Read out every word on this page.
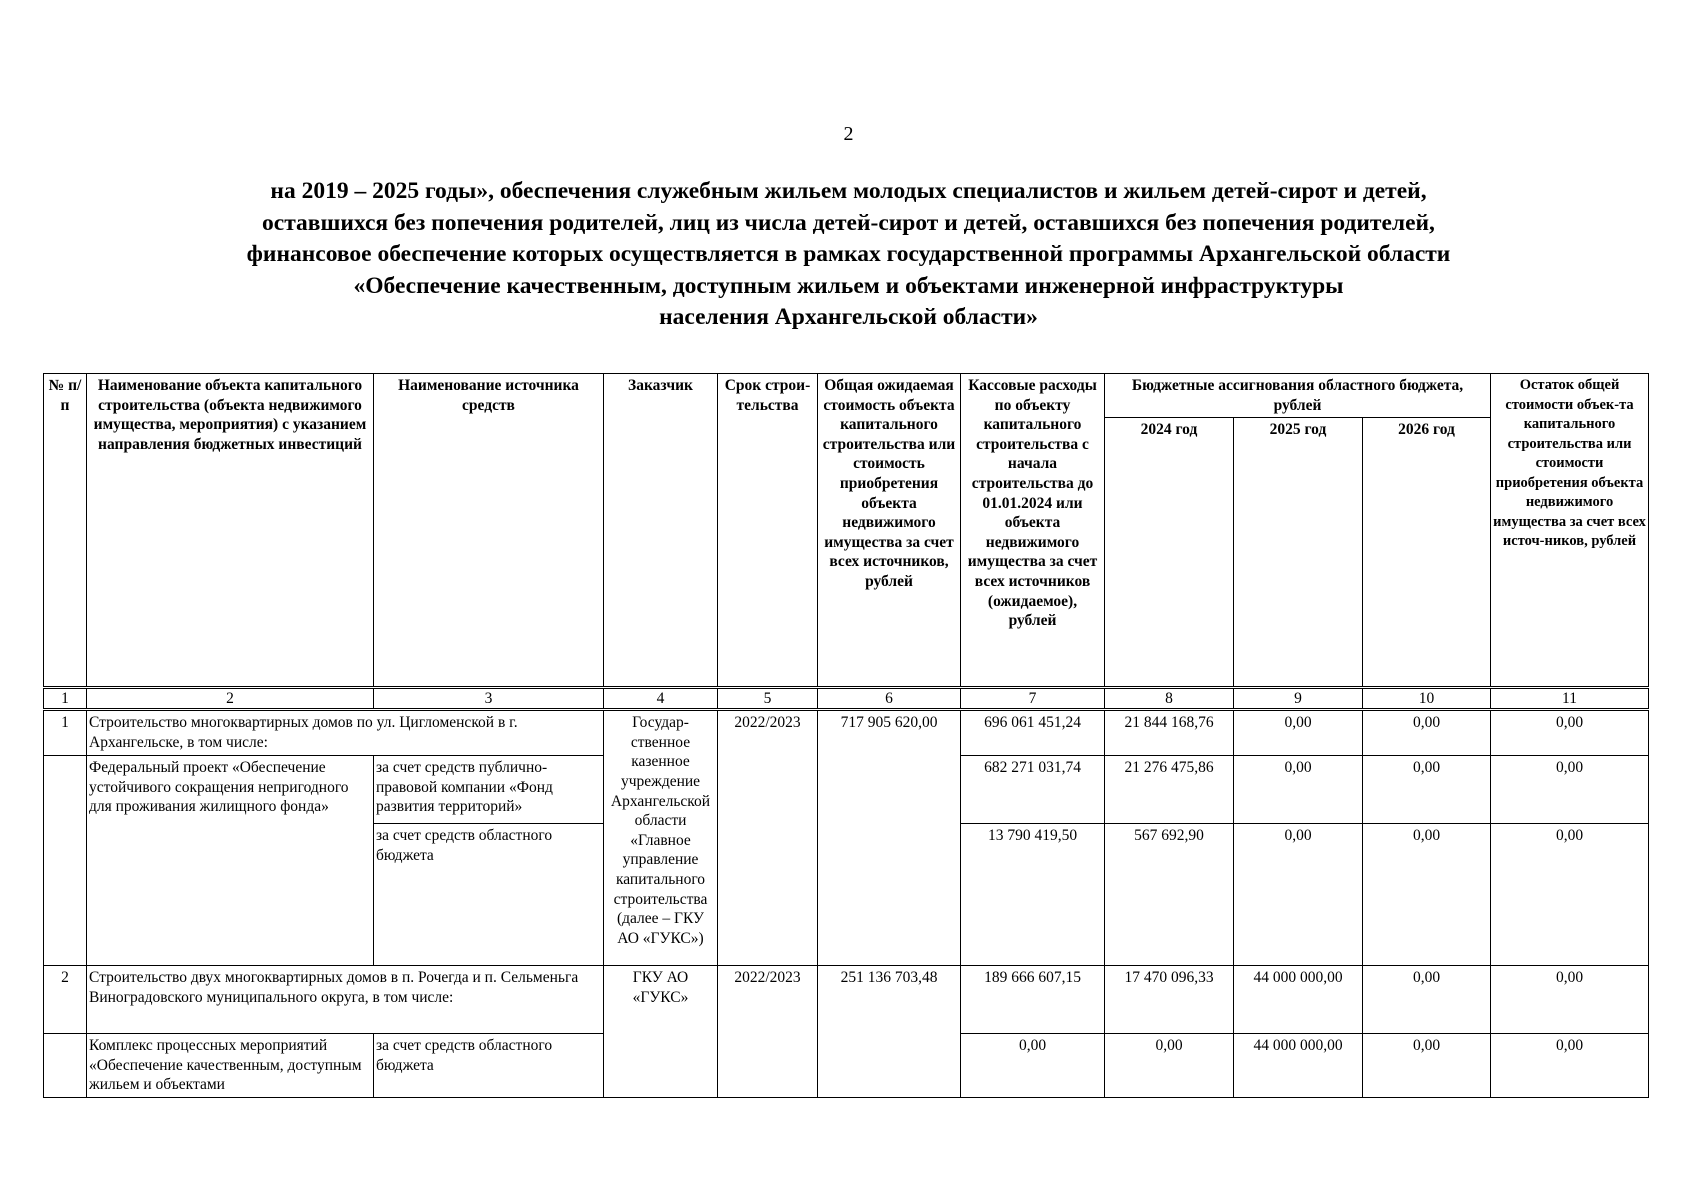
2
на 2019 – 2025 годы», обеспечения служебным жильем молодых специалистов и жильем детей-сирот и детей,
оставшихся без попечения родителей, лиц из числа детей-сирот и детей, оставшихся без попечения родителей,
финансовое обеспечение которых осуществляется в рамках государственной программы Архангельской области
«Обеспечение качественным, доступным жильем и объектами инженерной инфраструктуры
населения Архангельской области»
№ п/п	Наименование объекта капитального строительства (объекта недвижимого имущества, мероприятия) с указанием направления бюджетных инвестиций	Наименование источника средств	Заказчик	Срок строи-тельства	Общая ожидаемая стоимость объекта капитального строительства или стоимость приобретения объекта недвижимого имущества за счет всех источников, рублей	Кассовые расходы по объекту капитального строительства с начала строительства до 01.01.2024 или объекта недвижимого имущества за счет всех источников (ожидаемое), рублей	Бюджетные ассигнования областного бюджета, рублей			Остаток общей стоимости объек-та капитального строительства или стоимости приобретения объекта недвижимого имущества за счет всех источ-ников, рублей
							2024 год	2025 год	2026 год	
1	2	3	4	5	6	7	8	9	10	11
1	Строительство многоквартирных домов по ул. Цигломенской в г. Архангельске, в том числе:		Государ-ственное казенное учреждение Архангельской области «Главное управление капитального строительства (далее – ГКУ АО «ГУКС»)	2022/2023	717 905 620,00	696 061 451,24	21 844 168,76	0,00	0,00	0,00
	Федеральный проект «Обеспечение устойчивого сокращения непригодного для проживания жилищного фонда»	за счет средств публично-правовой компании «Фонд развития территорий»				682 271 031,74	21 276 475,86	0,00	0,00	0,00
		за счет средств областного бюджета				13 790 419,50	567 692,90	0,00	0,00	0,00
2	Строительство двух многоквартирных домов в п. Рочегда и п. Сельменьга Виноградовского муниципального округа, в том числе:		ГКУ АО «ГУКС»	2022/2023	251 136 703,48	189 666 607,15	17 470 096,33	44 000 000,00	0,00	0,00
	Комплекс процессных мероприятий «Обеспечение качественным, доступным жильем и объектами	за счет средств областного бюджета				0,00	0,00	44 000 000,00	0,00	0,00
